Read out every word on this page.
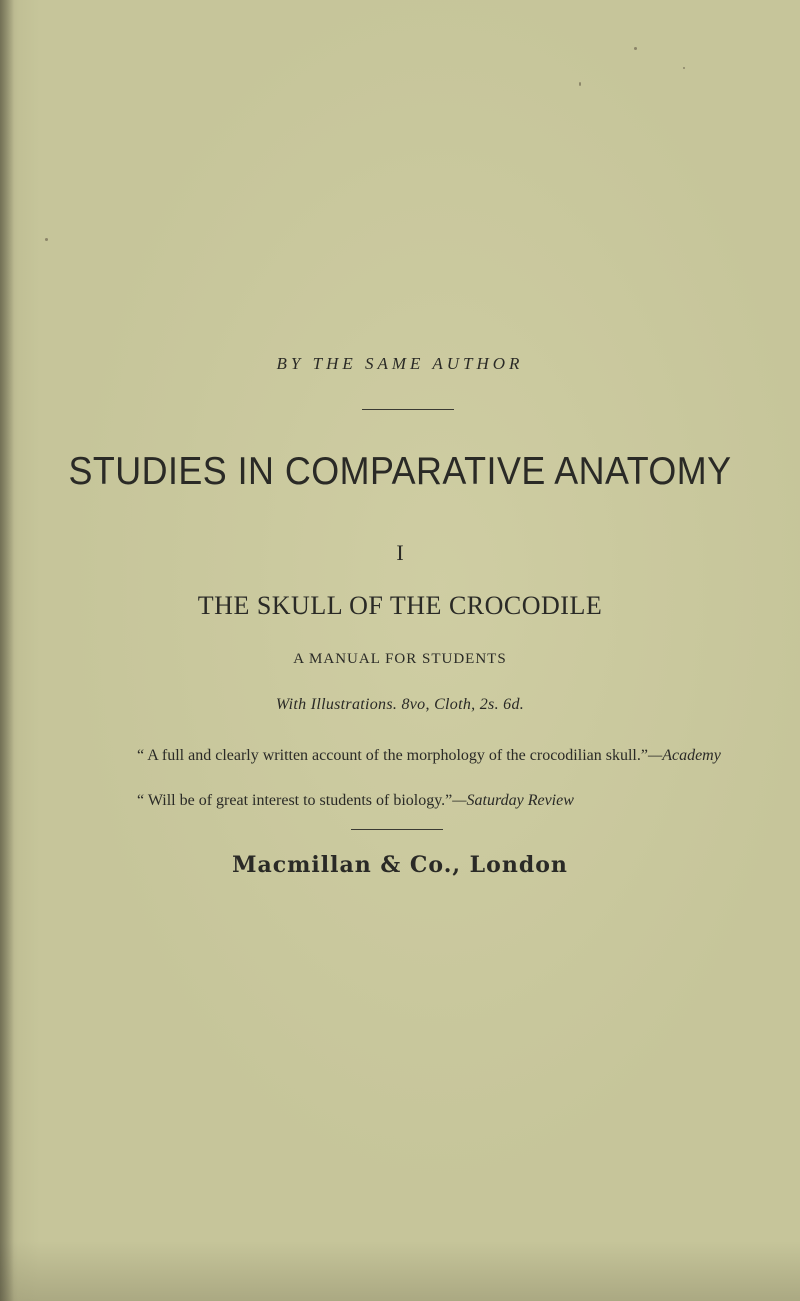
BY THE SAME AUTHOR
STUDIES IN COMPARATIVE ANATOMY
I
THE SKULL OF THE CROCODILE
A MANUAL FOR STUDENTS
With Illustrations. 8vo, Cloth, 2s. 6d.
“ A full and clearly written account of the morphology of the crocodilian skull.”—Academy
“ Will be of great interest to students of biology.”—Saturday Review
Macmillan & Co., London
